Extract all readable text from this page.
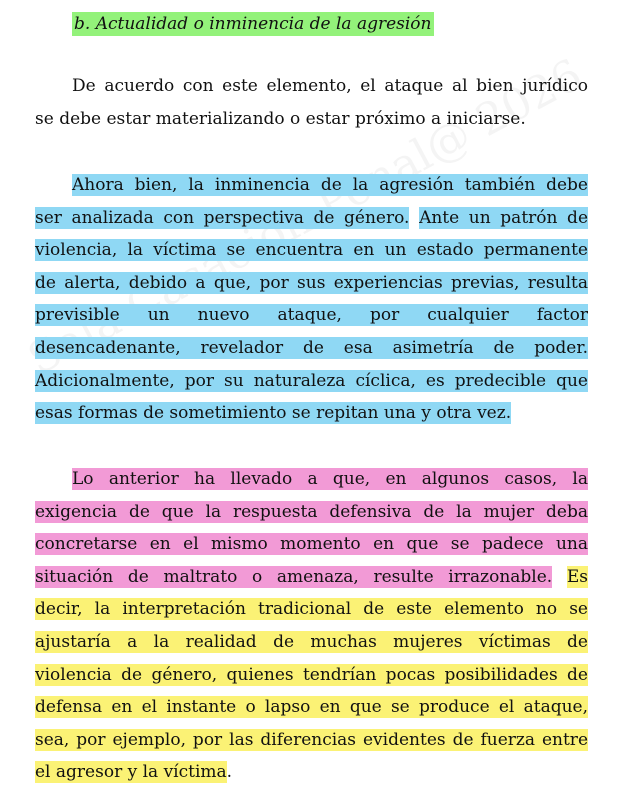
b. Actualidad o inminencia de la agresión
De acuerdo con este elemento, el ataque al bien jurídico
se debe estar materializando o estar próximo a iniciarse.
Ahora bien, la inminencia de la agresión también debe
ser analizada con perspectiva de género. Ante un patrón de
violencia, la víctima se encuentra en un estado permanente
de alerta, debido a que, por sus experiencias previas, resulta
previsible un nuevo ataque, por cualquier factor
desencadenante, revelador de esa asimetría de poder.
Adicionalmente, por su naturaleza cíclica, es predecible que
esas formas de sometimiento se repitan una y otra vez.
Lo anterior ha llevado a que, en algunos casos, la
exigencia de que la respuesta defensiva de la mujer deba
concretarse en el mismo momento en que se padece una
situación de maltrato o amenaza, resulte irrazonable. Es
decir, la interpretación tradicional de este elemento no se
ajustaría a la realidad de muchas mujeres víctimas de
violencia de género, quienes tendrían pocas posibilidades de
defensa en el instante o lapso en que se produce el ataque,
sea, por ejemplo, por las diferencias evidentes de fuerza entre
el agresor y la víctima.
